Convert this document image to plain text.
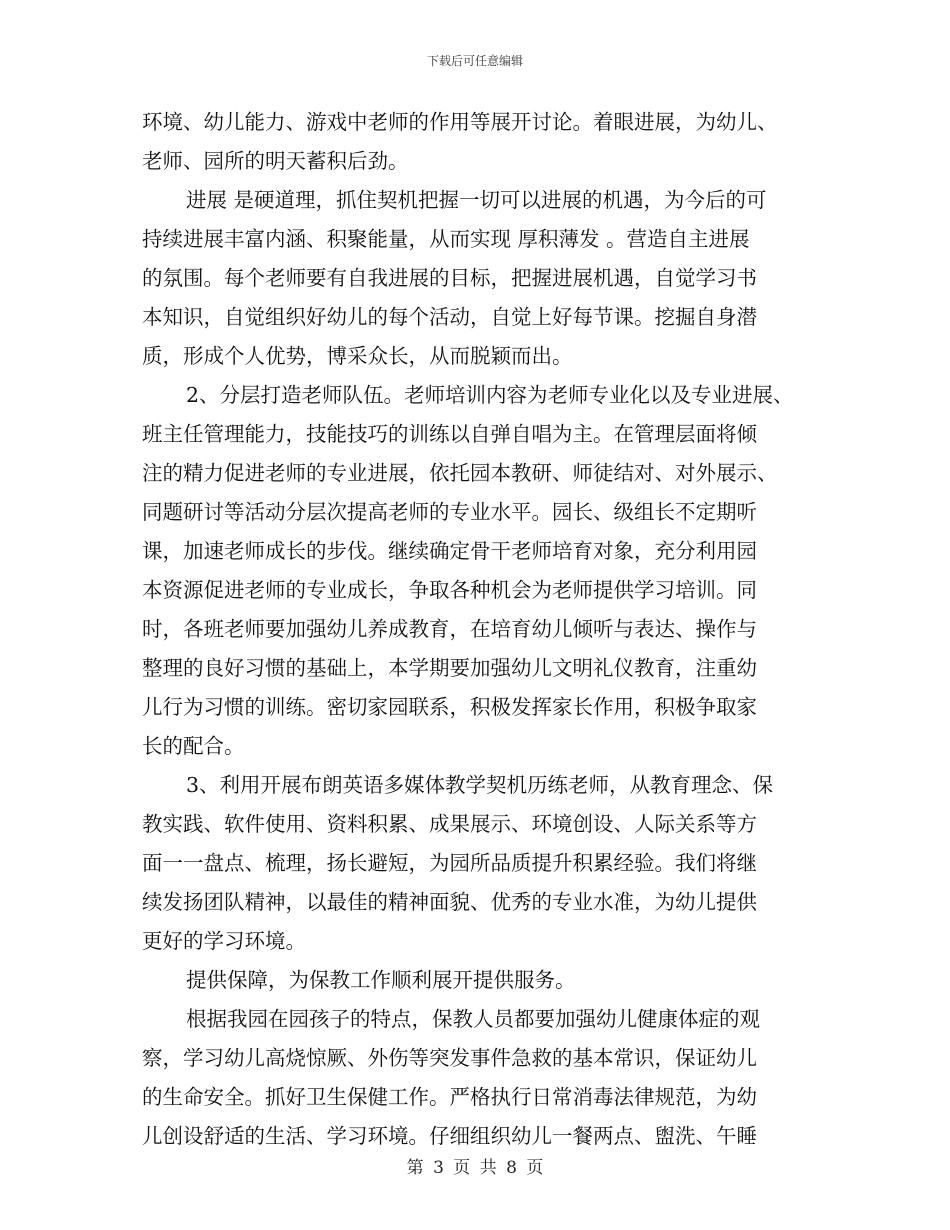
下载后可任意编辑
环境、幼儿能力、游戏中老师的作用等展开讨论。着眼进展，为幼儿、
老师、园所的明天蓄积后劲。
进展 是硬道理，抓住契机把握一切可以进展的机遇，为今后的可
持续进展丰富内涵、积聚能量，从而实现 厚积薄发 。营造自主进展
的氛围。每个老师要有自我进展的目标，把握进展机遇，自觉学习书
本知识，自觉组织好幼儿的每个活动，自觉上好每节课。挖掘自身潜
质，形成个人优势，博采众长，从而脱颖而出。
2、分层打造老师队伍。老师培训内容为老师专业化以及专业进展、
班主任管理能力，技能技巧的训练以自弹自唱为主。在管理层面将倾
注的精力促进老师的专业进展，依托园本教研、师徒结对、对外展示、
同题研讨等活动分层次提高老师的专业水平。园长、级组长不定期听
课，加速老师成长的步伐。继续确定骨干老师培育对象，充分利用园
本资源促进老师的专业成长，争取各种机会为老师提供学习培训。同
时，各班老师要加强幼儿养成教育，在培育幼儿倾听与表达、操作与
整理的良好习惯的基础上，本学期要加强幼儿文明礼仪教育，注重幼
儿行为习惯的训练。密切家园联系，积极发挥家长作用，积极争取家
长的配合。
3、利用开展布朗英语多媒体教学契机历练老师，从教育理念、保
教实践、软件使用、资料积累、成果展示、环境创设、人际关系等方
面一一盘点、梳理，扬长避短，为园所品质提升积累经验。我们将继
续发扬团队精神，以最佳的精神面貌、优秀的专业水准，为幼儿提供
更好的学习环境。
提供保障，为保教工作顺利展开提供服务。
根据我园在园孩子的特点，保教人员都要加强幼儿健康体症的观
察，学习幼儿高烧惊厥、外伤等突发事件急救的基本常识，保证幼儿
的生命安全。抓好卫生保健工作。严格执行日常消毒法律规范，为幼
儿创设舒适的生活、学习环境。仔细组织幼儿一餐两点、盥洗、午睡
第 3 页 共 8 页
